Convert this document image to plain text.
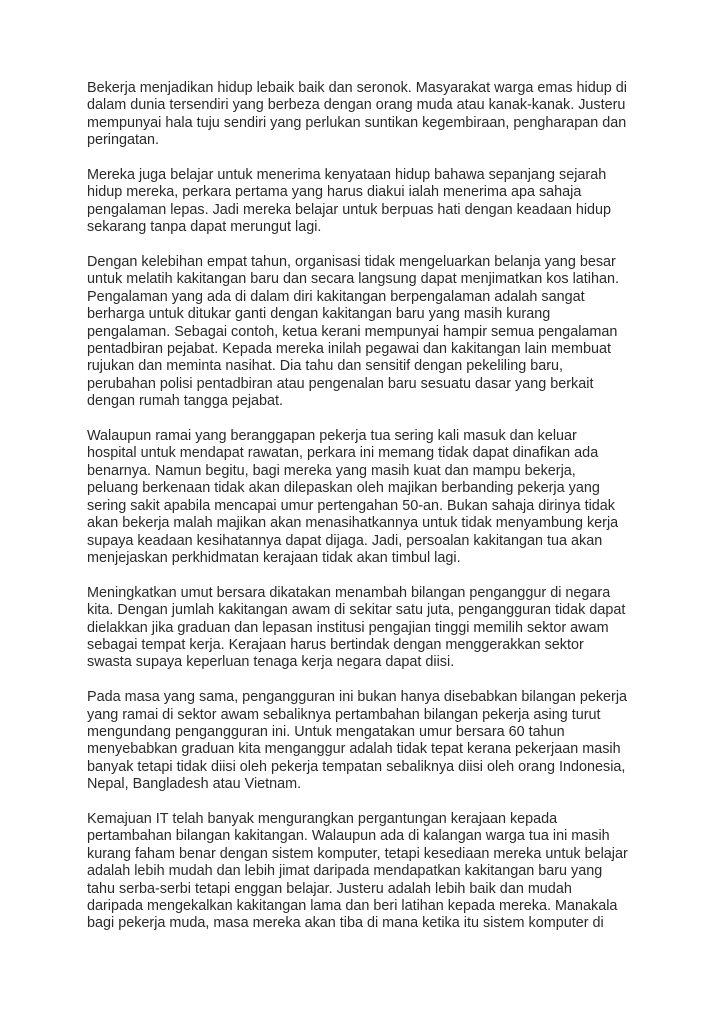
Bekerja menjadikan hidup lebaik baik dan seronok. Masyarakat warga emas hidup di
dalam dunia tersendiri yang berbeza dengan orang muda atau kanak-kanak. Justeru
mempunyai hala tuju sendiri yang perlukan suntikan kegembiraan, pengharapan dan
peringatan.

Mereka juga belajar untuk menerima kenyataan hidup bahawa sepanjang sejarah
hidup mereka, perkara pertama yang harus diakui ialah menerima apa sahaja
pengalaman lepas. Jadi mereka belajar untuk berpuas hati dengan keadaan hidup
sekarang tanpa dapat merungut lagi.

Dengan kelebihan empat tahun, organisasi tidak mengeluarkan belanja yang besar
untuk melatih kakitangan baru dan secara langsung dapat menjimatkan kos latihan.
Pengalaman yang ada di dalam diri kakitangan berpengalaman adalah sangat
berharga untuk ditukar ganti dengan kakitangan baru yang masih kurang
pengalaman. Sebagai contoh, ketua kerani mempunyai hampir semua pengalaman
pentadbiran pejabat. Kepada mereka inilah pegawai dan kakitangan lain membuat
rujukan dan meminta nasihat. Dia tahu dan sensitif dengan pekeliling baru,
perubahan polisi pentadbiran atau pengenalan baru sesuatu dasar yang berkait
dengan rumah tangga pejabat.

Walaupun ramai yang beranggapan pekerja tua sering kali masuk dan keluar
hospital untuk mendapat rawatan, perkara ini memang tidak dapat dinafikan ada
benarnya. Namun begitu, bagi mereka yang masih kuat dan mampu bekerja,
peluang berkenaan tidak akan dilepaskan oleh majikan berbanding pekerja yang
sering sakit apabila mencapai umur pertengahan 50-an. Bukan sahaja dirinya tidak
akan bekerja malah majikan akan menasihatkannya untuk tidak menyambung kerja
supaya keadaan kesihatannya dapat dijaga. Jadi, persoalan kakitangan tua akan
menjejaskan perkhidmatan kerajaan tidak akan timbul lagi.

Meningkatkan umut bersara dikatakan menambah bilangan penganggur di negara
kita. Dengan jumlah kakitangan awam di sekitar satu juta, pengangguran tidak dapat
dielakkan jika graduan dan lepasan institusi pengajian tinggi memilih sektor awam
sebagai tempat kerja. Kerajaan harus bertindak dengan menggerakkan sektor
swasta supaya keperluan tenaga kerja negara dapat diisi.

Pada masa yang sama, pengangguran ini bukan hanya disebabkan bilangan pekerja
yang ramai di sektor awam sebaliknya pertambahan bilangan pekerja asing turut
mengundang pengangguran ini. Untuk mengatakan umur bersara 60 tahun
menyebabkan graduan kita menganggur adalah tidak tepat kerana pekerjaan masih
banyak tetapi tidak diisi oleh pekerja tempatan sebaliknya diisi oleh orang Indonesia,
Nepal, Bangladesh atau Vietnam.

Kemajuan IT telah banyak mengurangkan pergantungan kerajaan kepada
pertambahan bilangan kakitangan. Walaupun ada di kalangan warga tua ini masih
kurang faham benar dengan sistem komputer, tetapi kesediaan mereka untuk belajar
adalah lebih mudah dan lebih jimat daripada mendapatkan kakitangan baru yang
tahu serba-serbi tetapi enggan belajar. Justeru adalah lebih baik dan mudah
daripada mengekalkan kakitangan lama dan beri latihan kepada mereka. Manakala
bagi pekerja muda, masa mereka akan tiba di mana ketika itu sistem komputer di
